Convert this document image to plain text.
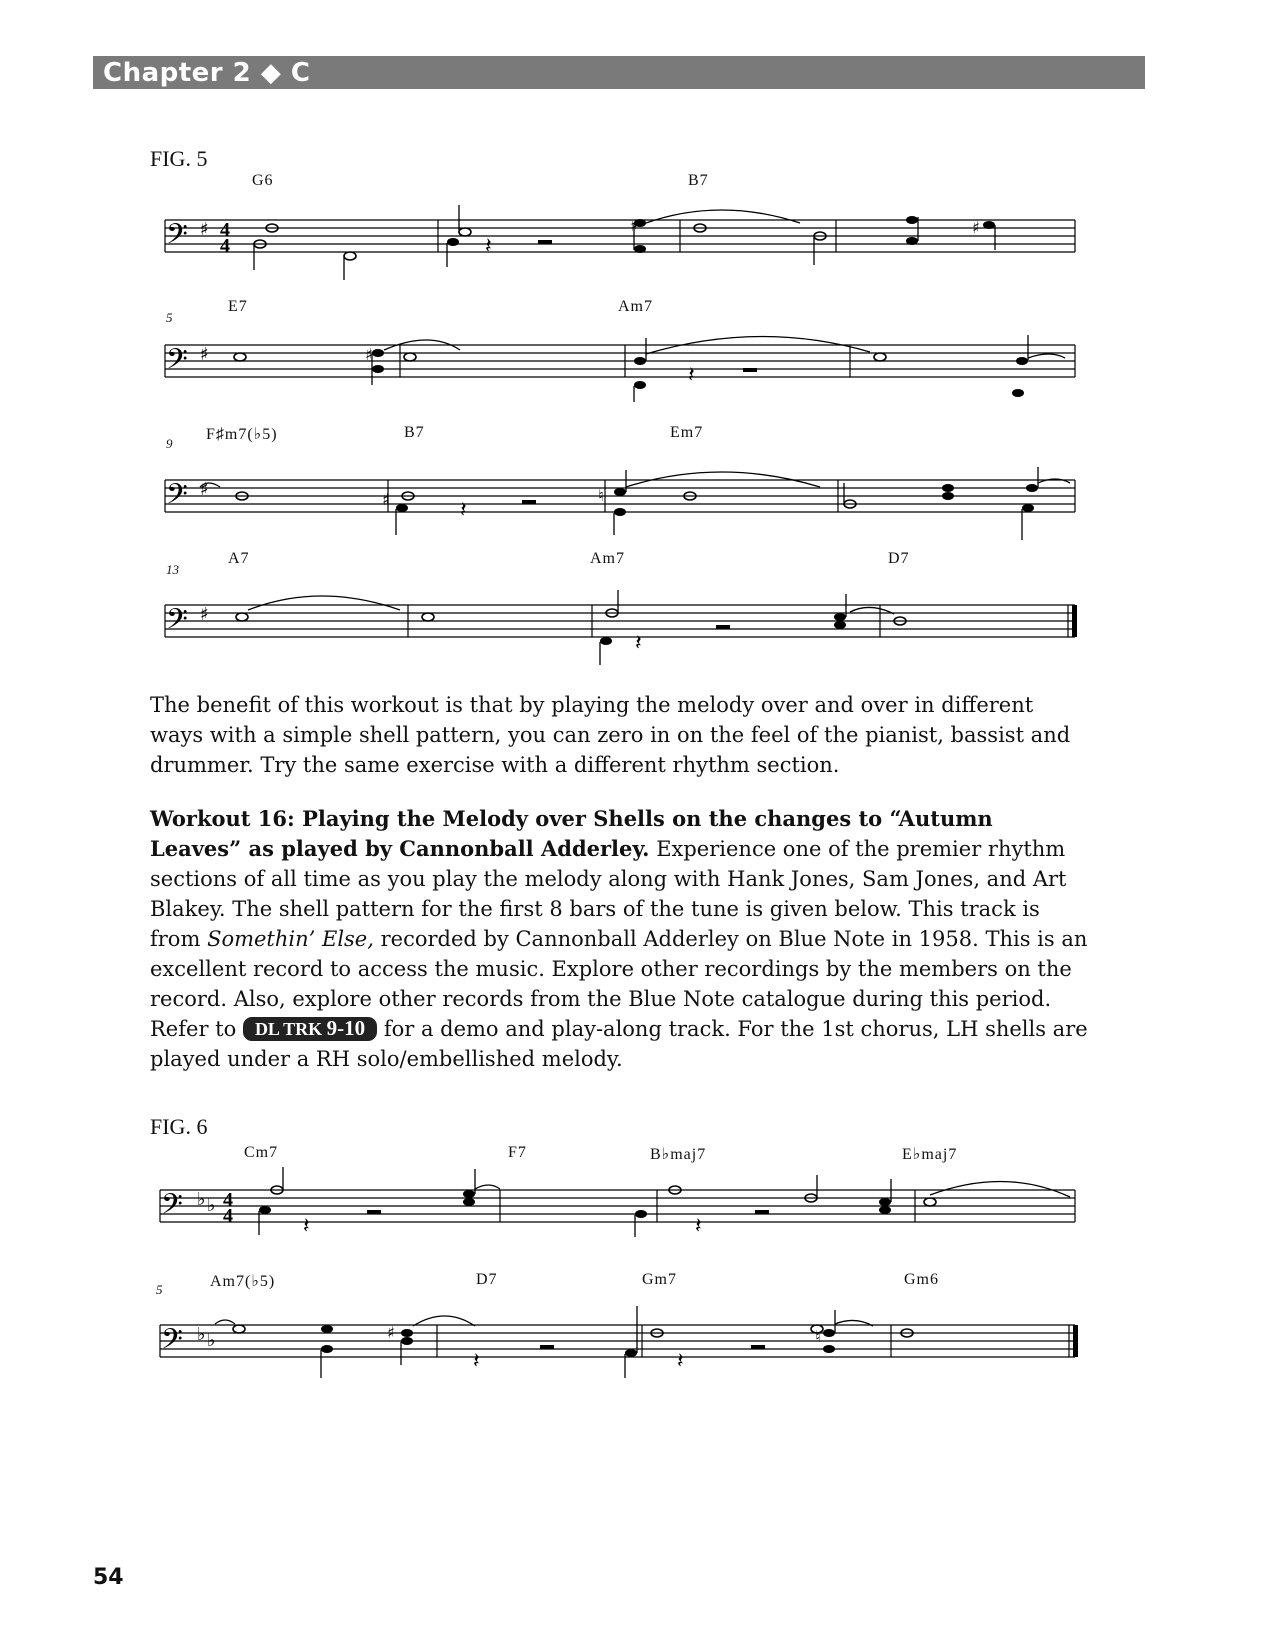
Chapter 2 ◆ C
FIG. 5
G6	B7
𝄢 ♯ 4
4
♯	♯
𝄽
5
E7	Am7
𝄢 ♯	♯
𝄽
9
F♯m7(♭5)	B7	Em7
𝄢 ♯	♯	♮
𝄽
13
A7	Am7	D7
𝄢 ♯
𝄽

The benefit of this workout is that by playing the melody over and over in different ways with a simple shell pattern, you can zero in on the feel of the pianist, bassist and drummer. Try the same exercise with a different rhythm section.

Workout 16: Playing the Melody over Shells on the changes to “Autumn Leaves” as played by Cannonball Adderley. Experience one of the premier rhythm sections of all time as you play the melody along with Hank Jones, Sam Jones, and Art Blakey. The shell pattern for the first 8 bars of the tune is given below. This track is from Somethin’ Else, recorded by Cannonball Adderley on Blue Note in 1958. This is an excellent record to access the music. Explore other recordings by the members on the record. Also, explore other records from the Blue Note catalogue during this period. Refer to DL TRK 9-10 for a demo and play-along track. For the 1st chorus, LH shells are played under a RH solo/embellished melody.

FIG. 6
Cm7	F7	B♭maj7	E♭maj7
𝄢 ♭ ♭ 4
4	𝄽	𝄽
5	Am7(♭5)	D7	Gm7	Gm6
𝄢 ♭ ♭	♯	♮
𝄽	𝄽
54
